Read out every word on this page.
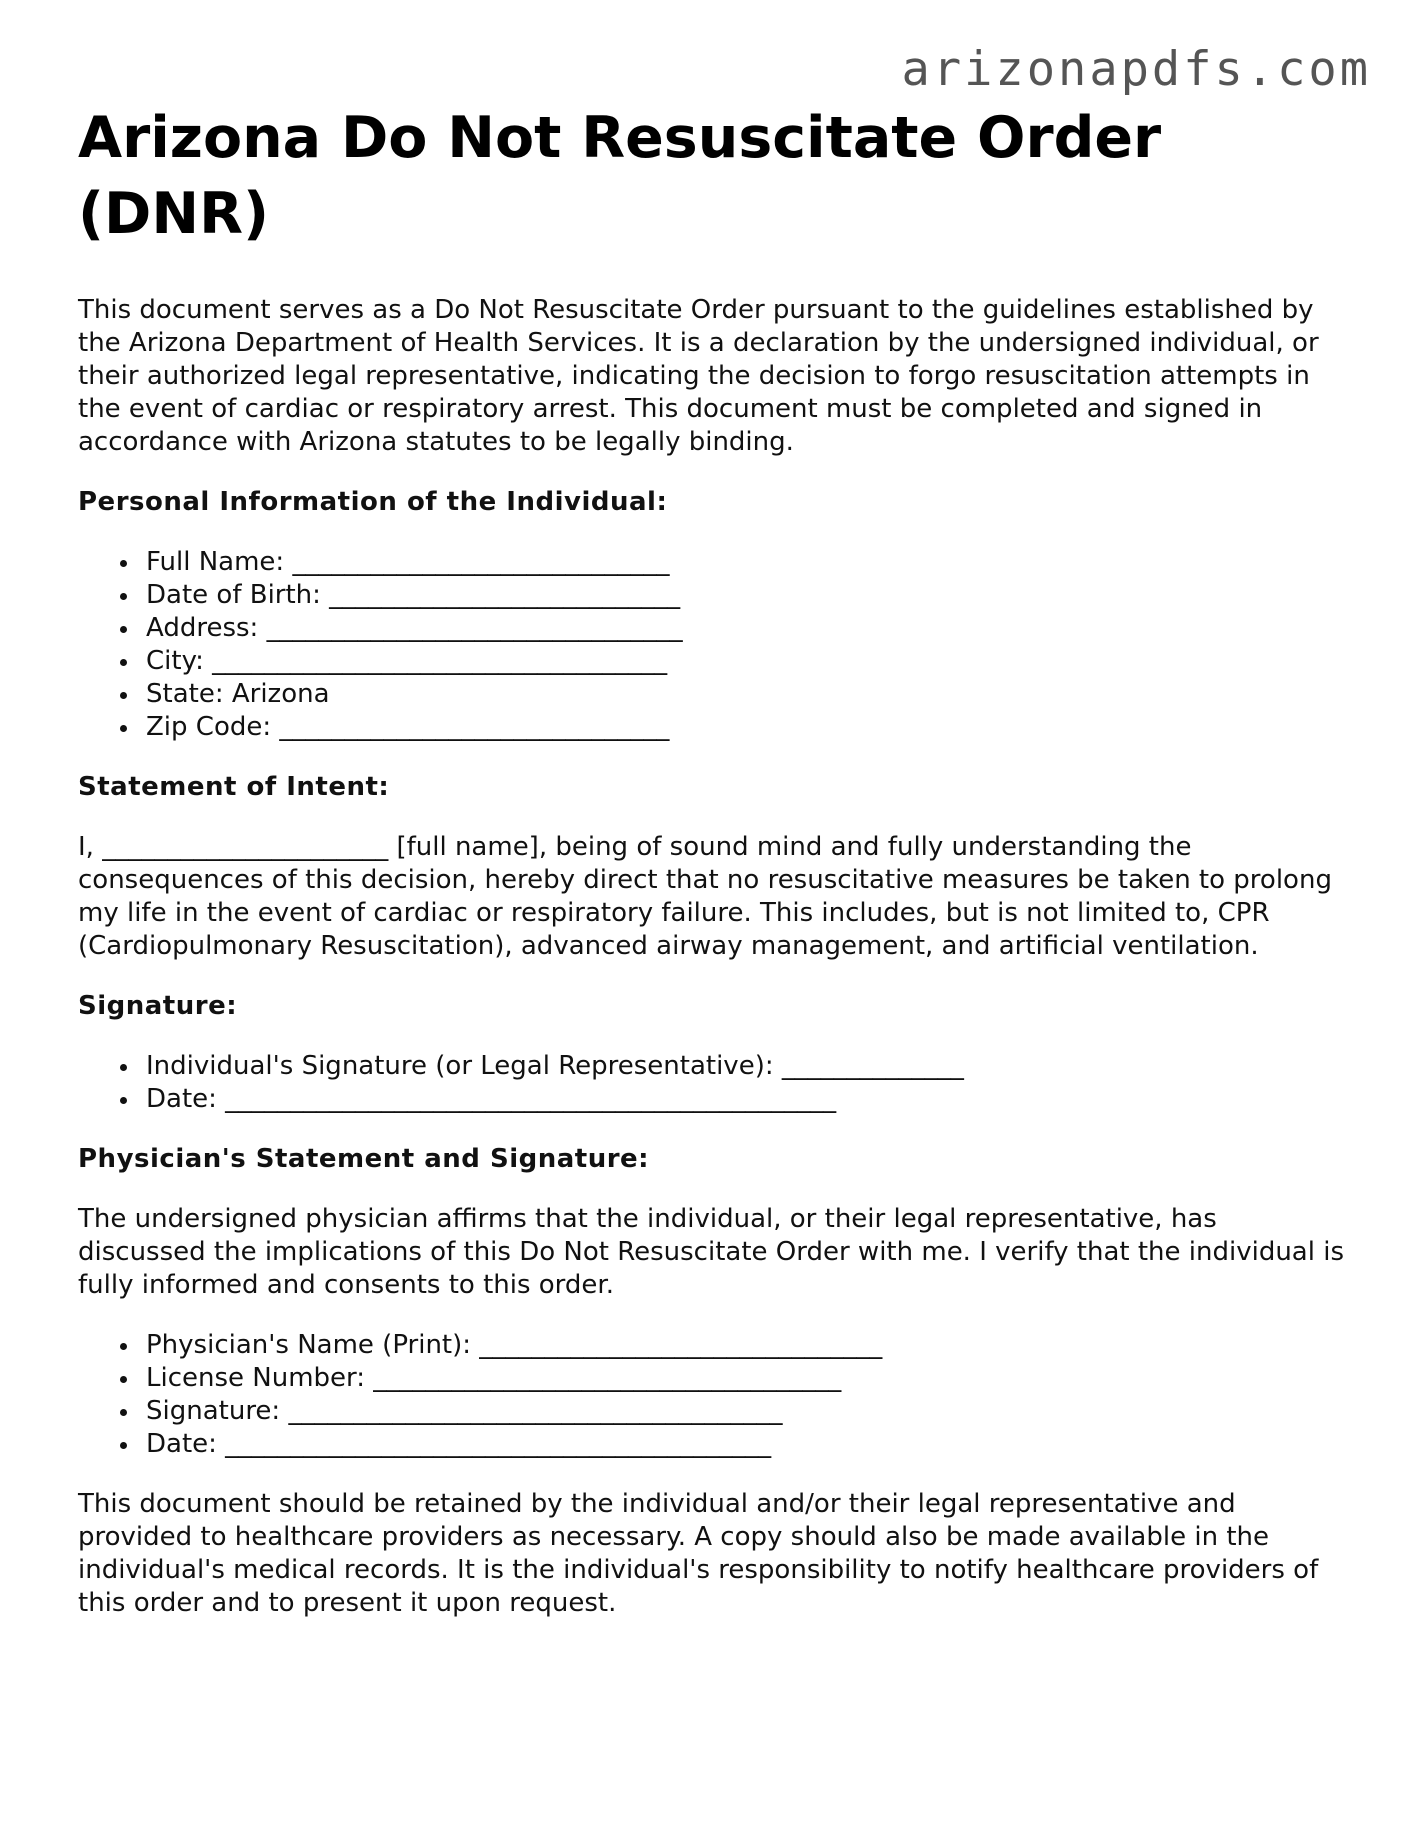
arizonapdfs.com
Arizona Do Not Resuscitate Order (DNR)

This document serves as a Do Not Resuscitate Order pursuant to the guidelines established by the Arizona Department of Health Services. It is a declaration by the undersigned individual, or their authorized legal representative, indicating the decision to forgo resuscitation attempts in the event of cardiac or respiratory arrest. This document must be completed and signed in accordance with Arizona statutes to be legally binding.

Personal Information of the Individual:
Full Name: _____________________________
Date of Birth: ___________________________
Address: ________________________________
City: ___________________________________
State: Arizona
Zip Code: ______________________________
Statement of Intent:

I, ______________________ [full name], being of sound mind and fully understanding the consequences of this decision, hereby direct that no resuscitative measures be taken to prolong my life in the event of cardiac or respiratory failure. This includes, but is not limited to, CPR (Cardiopulmonary Resuscitation), advanced airway management, and artificial ventilation.

Signature:
Individual's Signature (or Legal Representative): ______________
Date: _______________________________________________
Physician's Statement and Signature:

The undersigned physician affirms that the individual, or their legal representative, has discussed the implications of this Do Not Resuscitate Order with me. I verify that the individual is fully informed and consents to this order.

Physician's Name (Print): _______________________________
License Number: ____________________________________
Signature: ______________________________________
Date: __________________________________________

This document should be retained by the individual and/or their legal representative and provided to healthcare providers as necessary. A copy should also be made available in the individual's medical records. It is the individual's responsibility to notify healthcare providers of this order and to present it upon request.
